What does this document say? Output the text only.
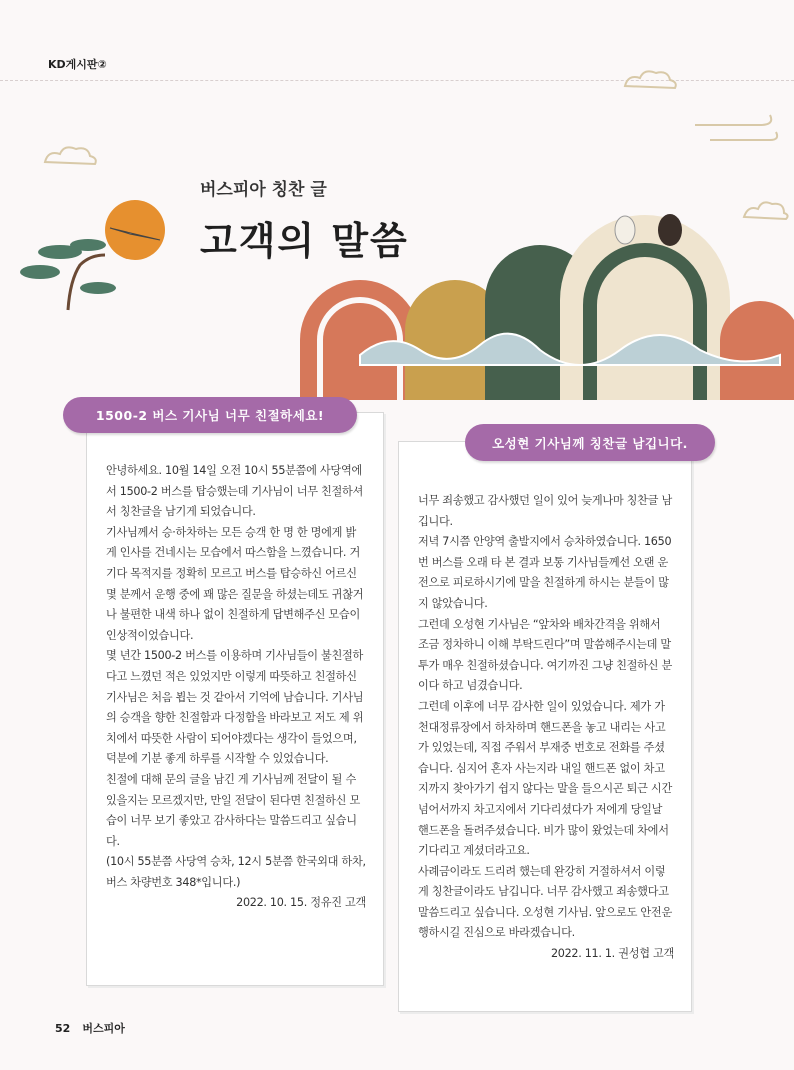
KD게시판②
버스피아 칭찬 글
고객의 말씀
1500-2 버스 기사님 너무 친절하세요!
오성현 기사님께 칭찬글 남깁니다.

안녕하세요. 10월 14일 오전 10시 55분쯤에 사당역에서 1500-2 버스를 탑승했는데 기사님이 너무 친절하셔서 칭찬글을 남기게 되었습니다.

기사님께서 승·하차하는 모든 승객 한 명 한 명에게 밝게 인사를 건네시는 모습에서 따스함을 느꼈습니다. 거기다 목적지를 정확히 모르고 버스를 탑승하신 어르신 몇 분께서 운행 중에 꽤 많은 질문을 하셨는데도 귀찮거나 불편한 내색 하나 없이 친절하게 답변해주신 모습이 인상적이었습니다.

몇 년간 1500-2 버스를 이용하며 기사님들이 불친절하다고 느꼈던 적은 있었지만 이렇게 따뜻하고 친절하신 기사님은 처음 뵙는 것 같아서 기억에 남습니다. 기사님의 승객을 향한 친절함과 다정함을 바라보고 저도 제 위치에서 따뜻한 사람이 되어야겠다는 생각이 들었으며, 덕분에 기분 좋게 하루를 시작할 수 있었습니다.

친절에 대해 문의 글을 남긴 게 기사님께 전달이 될 수 있을지는 모르겠지만, 만일 전달이 된다면 친절하신 모습이 너무 보기 좋았고 감사하다는 말씀드리고 싶습니다.

(10시 55분쯤 사당역 승차, 12시 5분쯤 한국외대 하차, 버스 차량번호 348*입니다.)

2022. 10. 15. 정유진 고객

너무 죄송했고 감사했던 일이 있어 늦게나마 칭찬글 남깁니다.

저녁 7시쯤 안양역 출발지에서 승차하였습니다. 1650번 버스를 오래 타 본 결과 보통 기사님들께선 오랜 운전으로 피로하시기에 말을 친절하게 하시는 분들이 많지 않았습니다.

그런데 오성현 기사님은 “앞차와 배차간격을 위해서 조금 정차하니 이해 부탁드린다”며 말씀해주시는데 말투가 매우 친절하셨습니다. 여기까진 그냥 친절하신 분이다 하고 넘겼습니다.

그런데 이후에 너무 감사한 일이 있었습니다. 제가 가천대정류장에서 하차하며 핸드폰을 놓고 내리는 사고가 있었는데, 직접 주워서 부재중 번호로 전화를 주셨습니다. 심지어 혼자 사는지라 내일 핸드폰 없이 차고지까지 찾아가기 쉽지 않다는 말을 들으시곤 퇴근 시간 넘어서까지 차고지에서 기다리셨다가 저에게 당일날 핸드폰을 돌려주셨습니다. 비가 많이 왔었는데 차에서 기다리고 계셨더라고요.

사례금이라도 드리려 했는데 완강히 거절하셔서 이렇게 칭찬글이라도 남깁니다. 너무 감사했고 죄송했다고 말씀드리고 싶습니다. 오성현 기사님. 앞으로도 안전운행하시길 진심으로 바라겠습니다.

2022. 11. 1. 권성협 고객

52 버스피아
